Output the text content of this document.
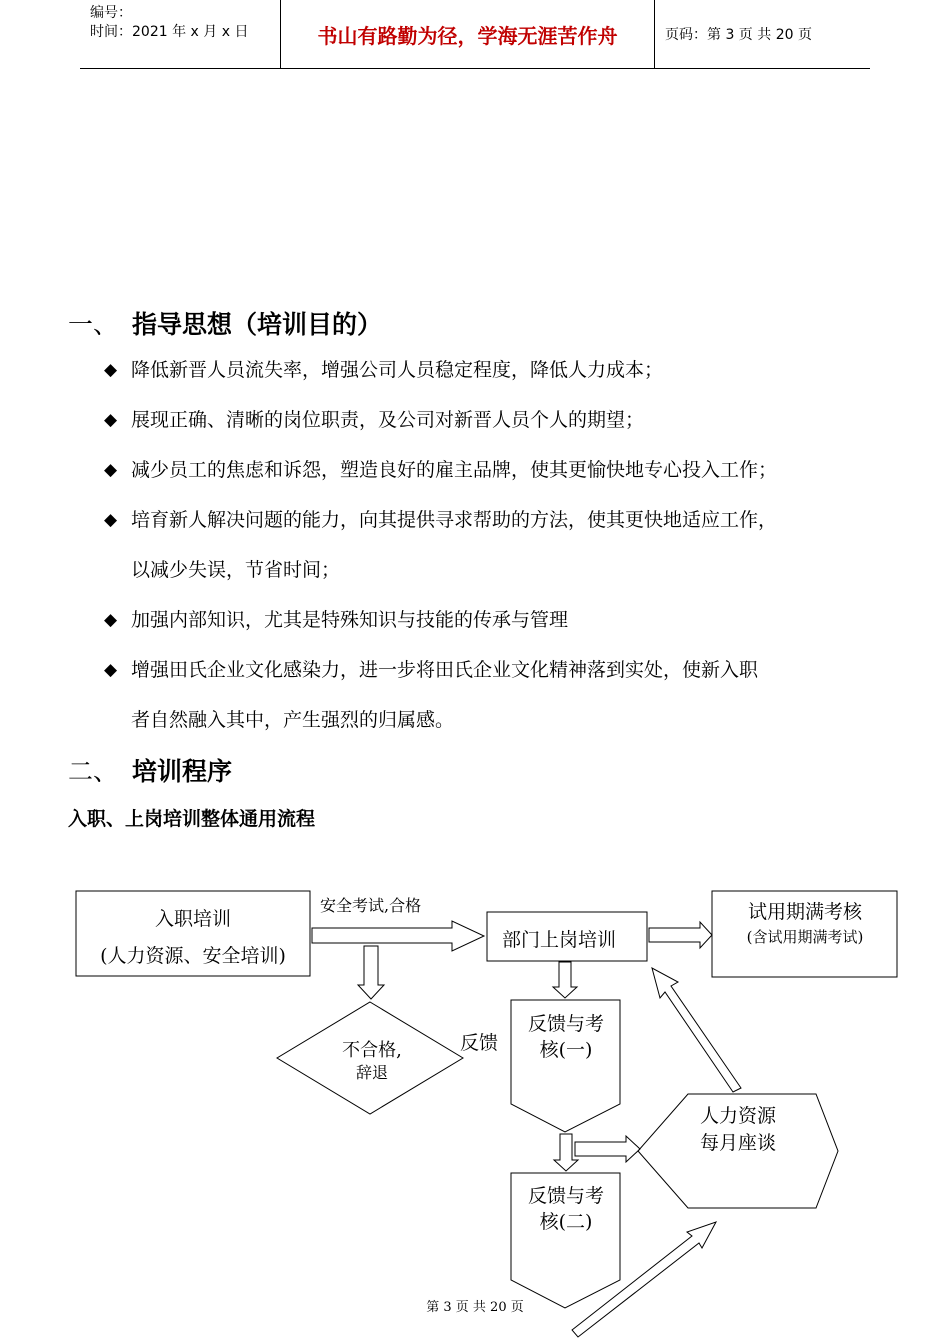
编号：
时间：2021 年 x 月 x 日	书山有路勤为径，学海无涯苦作舟	页码：第 3 页 共 20 页
一、 指导思想（培训目的）
◆ 降低新晋人员流失率，增强公司人员稳定程度，降低人力成本；
◆ 展现正确、清晰的岗位职责，及公司对新晋人员个人的期望；
◆ 减少员工的焦虑和诉怨，塑造良好的雇主品牌，使其更愉快地专心投入工作；
◆ 培育新人解决问题的能力，向其提供寻求帮助的方法，使其更快地适应工作，
以减少失误，节省时间；
◆ 加强内部知识，尤其是特殊知识与技能的传承与管理
◆ 增强田氏企业文化感染力，进一步将田氏企业文化精神落到实处，使新入职
者自然融入其中，产生强烈的归属感。
二、 培训程序
入职、上岗培训整体通用流程
入职培训
(人力资源、安全培训)
安全考试,合格
部门上岗培训
试用期满考核
(含试用期满考试)
不合格,
辞退
反馈
反馈与考
核(一)
人力资源
每月座谈
反馈与考
核(二)
第 3 页 共 20 页
